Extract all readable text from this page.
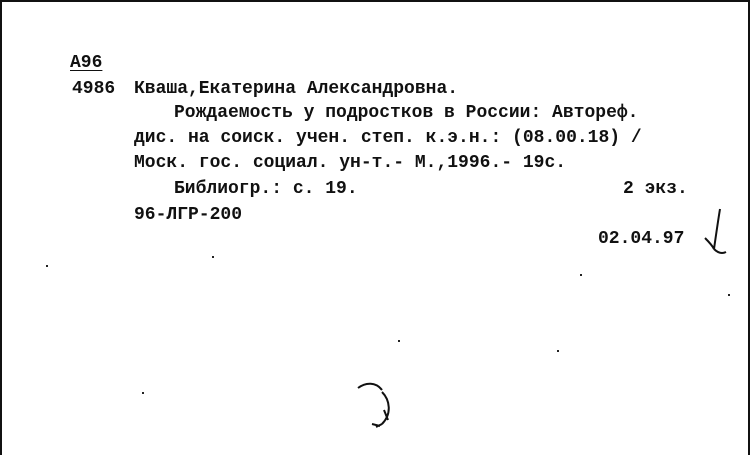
А96
4986 Кваша,Екатерина Александровна.
Рождаемость у подростков в России: Автореф.
дис. на соиск. учен. степ. к.э.н.: (08.00.18) /
Моск. гос. социал. ун-т.- М.,1996.- 19с.
Библиогр.: с. 19.	2 экз.
96-ЛГР-200
02.04.97
